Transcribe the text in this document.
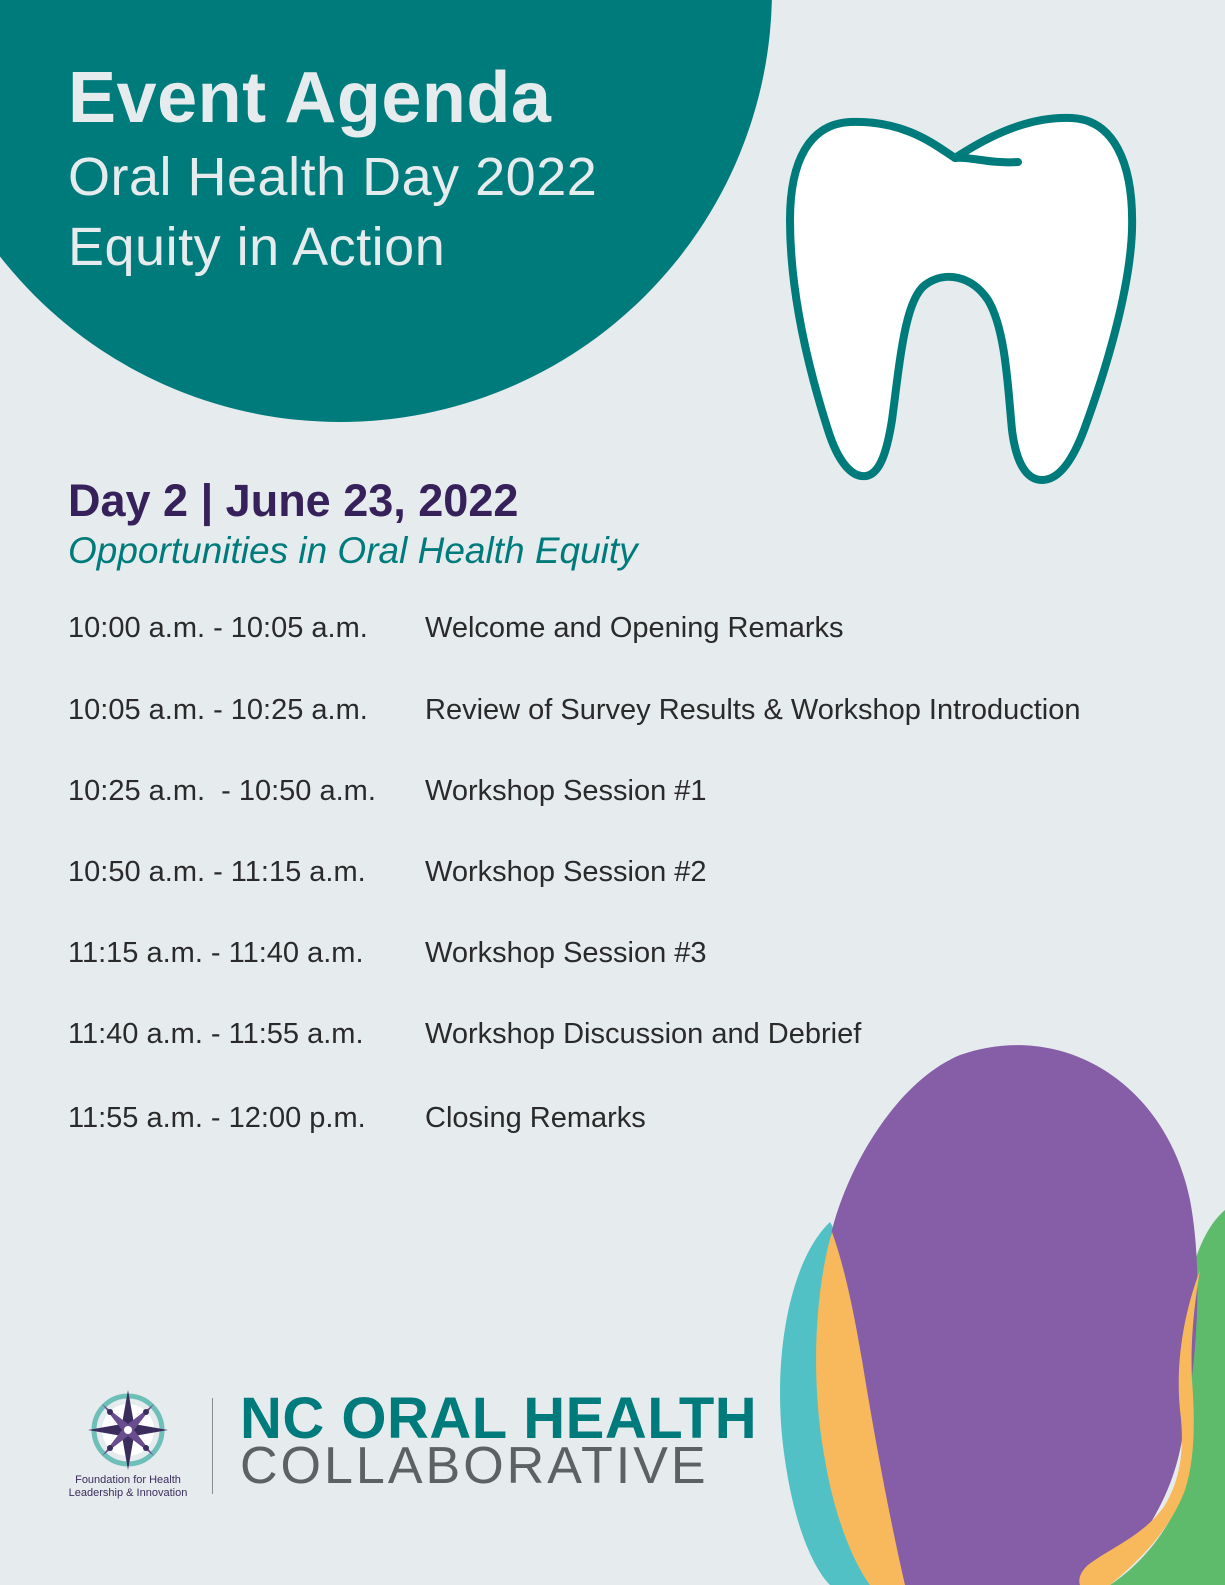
Event Agenda
Oral Health Day 2022
Equity in Action
Day 2 | June 23, 2022

Opportunities in Oral Health Equity

10:00 a.m. - 10:05 a.m. Welcome and Opening Remarks
10:05 a.m. - 10:25 a.m. Review of Survey Results & Workshop Introduction
10:25 a.m.  - 10:50 a.m. Workshop Session #1
10:50 a.m. - 11:15 a.m. Workshop Session #2
11:15 a.m. - 11:40 a.m. Workshop Session #3
11:40 a.m. - 11:55 a.m. Workshop Discussion and Debrief
11:55 a.m. - 12:00 p.m. Closing Remarks
Foundation for Health
Leadership & Innovation
NC ORAL HEALTH
COLLABORATIVE
